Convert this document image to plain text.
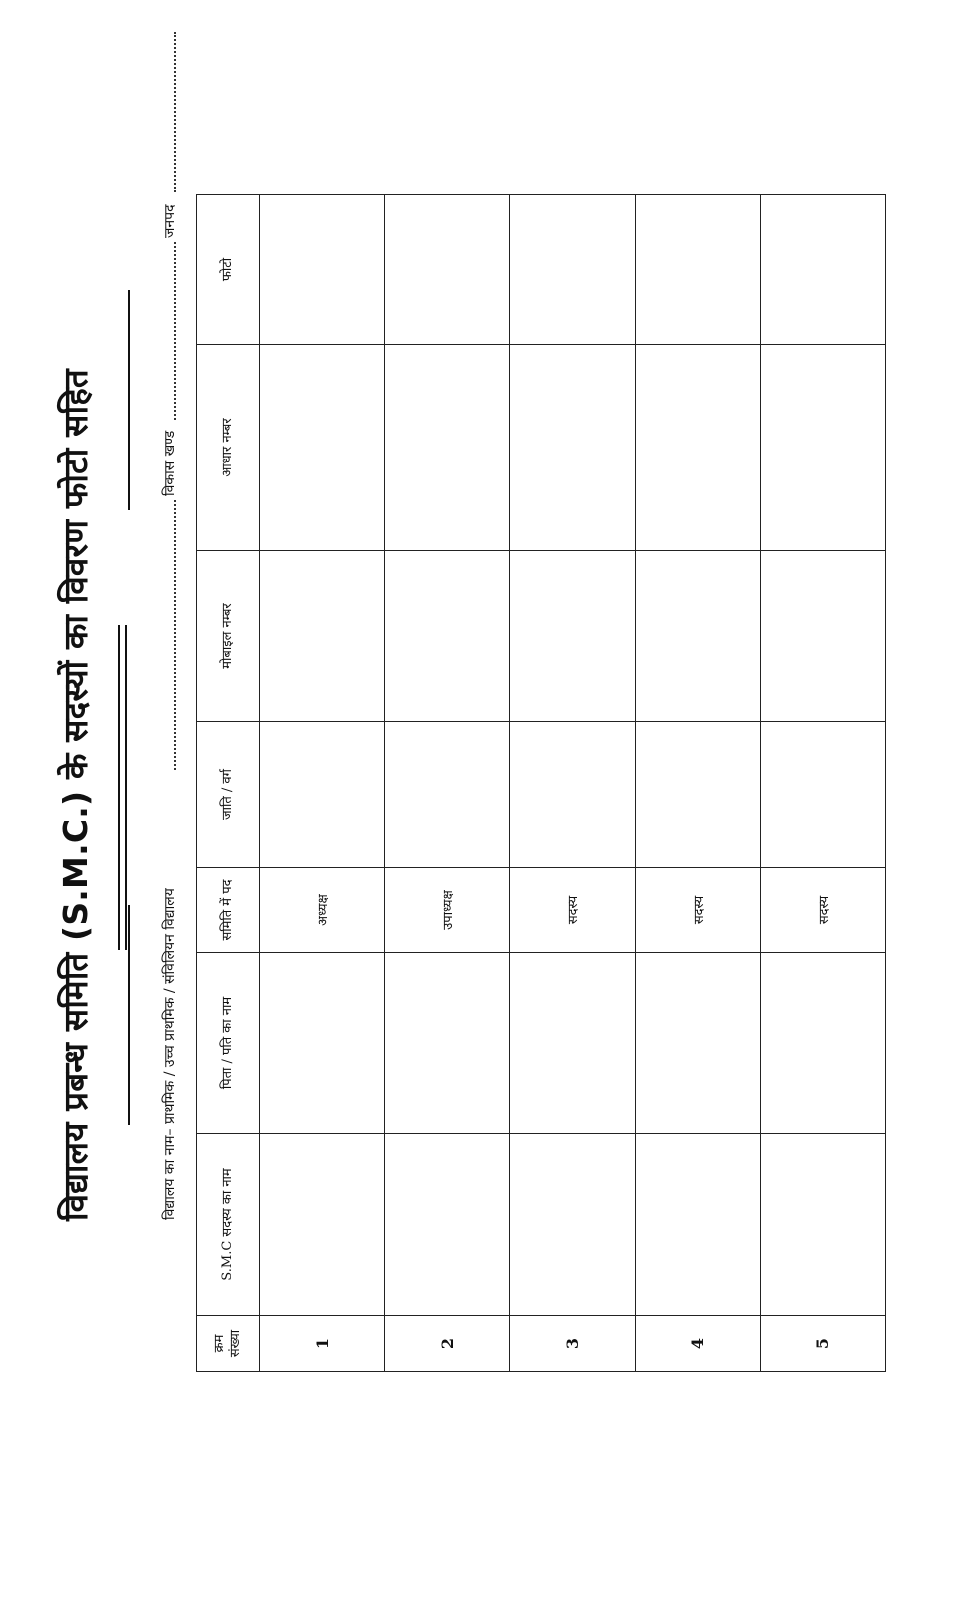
विद्यालय प्रबन्ध समिति (S.M.C.) के सदस्यों का विवरण फोटो सहित	विद्यालय का नाम– प्राथमिक / उच्च प्राथमिक / संविलियन विद्यालय
विकास खण्ड
जनपद
क्रम संख्या	S.M.C सदस्य का नाम	पिता / पति का नाम	समिति में पद	जाति / वर्ग	मोबाइल नम्बर	आधार नम्बर	फोटो
1			अध्यक्ष				
2			उपाध्यक्ष				
3			सदस्य				
4			सदस्य				
5			सदस्य				
